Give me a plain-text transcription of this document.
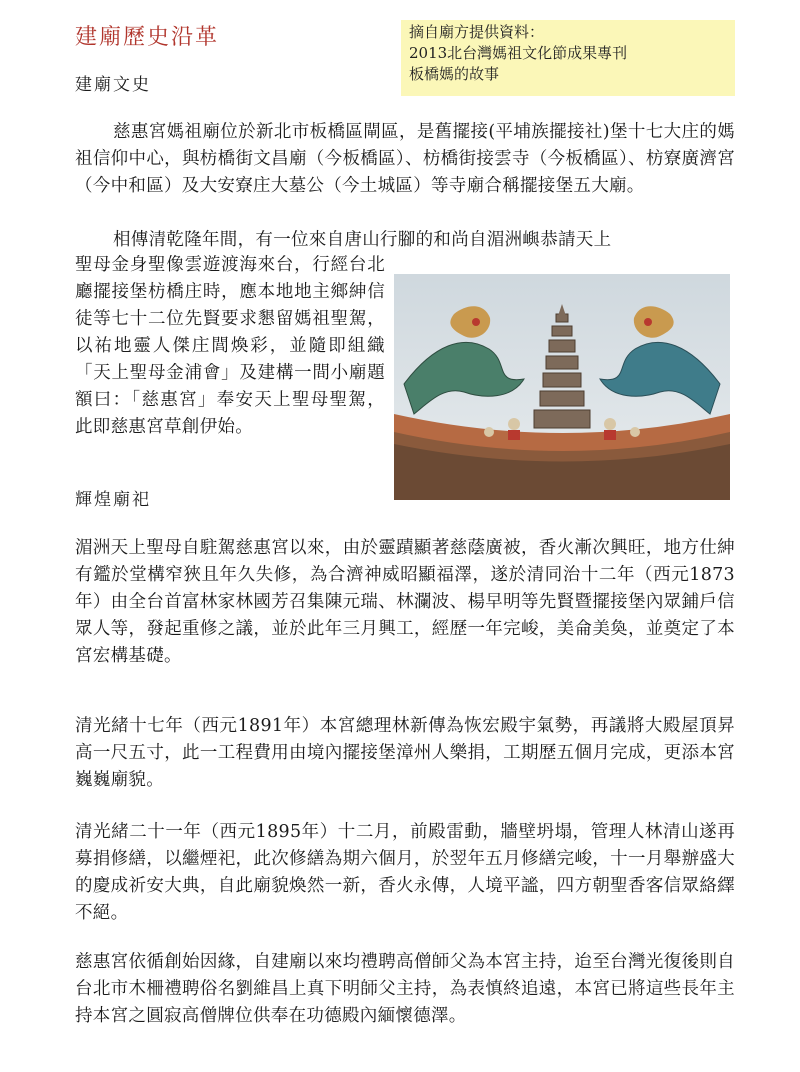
建廟歷史沿革	摘自廟方提供資料：
2013北台灣媽祖文化節成果專刊
板橋媽的故事
建廟文史

慈惠宮媽祖廟位於新北市板橋區閘區，是舊擺接(平埔族擺接社)堡十七大庄的媽祖信仰中心，與枋橋街文昌廟（今板橋區）、枋橋街接雲寺（今板橋區）、枋寮廣濟宮（今中和區）及大安寮庄大墓公（今土城區）等寺廟合稱擺接堡五大廟。

相傳清乾隆年間，有一位來自唐山行腳的和尚自湄洲嶼恭請天上

聖母金身聖像雲遊渡海來台，行經台北廳擺接堡枋橋庄時，應本地地主鄉紳信徒等七十二位先賢要求懇留媽祖聖駕，以祐地靈人傑庄閭煥彩，並隨即組織「天上聖母金浦會」及建構一間小廟題額曰：「慈惠宮」奉安天上聖母聖駕，此即慈惠宮草創伊始。

輝煌廟祀

湄洲天上聖母自駐駕慈惠宮以來，由於靈蹟顯著慈蔭廣被，香火漸次興旺，地方仕紳有鑑於堂構窄狹且年久失修，為合濟神威昭顯福澤，遂於清同治十二年（西元1873年）由全台首富林家林國芳召集陳元瑞、林瀾波、楊早明等先賢暨擺接堡內眾鋪戶信眾人等，發起重修之議，並於此年三月興工，經歷一年完峻，美侖美奐，並奠定了本宮宏構基礎。

清光緒十七年（西元1891年）本宮總理林新傳為恢宏殿宇氣勢，再議將大殿屋頂昇高一尺五寸，此一工程費用由境內擺接堡漳州人樂捐，工期歷五個月完成，更添本宮巍巍廟貌。

清光緒二十一年（西元1895年）十二月，前殿雷動，牆壁坍塌，管理人林清山遂再募捐修繕，以繼煙祀，此次修繕為期六個月，於翌年五月修繕完峻，十一月舉辦盛大的慶成祈安大典，自此廟貌煥然一新，香火永傳，人境平謐，四方朝聖香客信眾絡繹不絕。

慈惠宮依循創始因緣，自建廟以來均禮聘高僧師父為本宮主持，迨至台灣光復後則自台北市木柵禮聘俗名劉維昌上真下明師父主持，為表慎終追遠，本宮已將這些長年主持本宮之圓寂高僧牌位供奉在功德殿內緬懷德澤。
